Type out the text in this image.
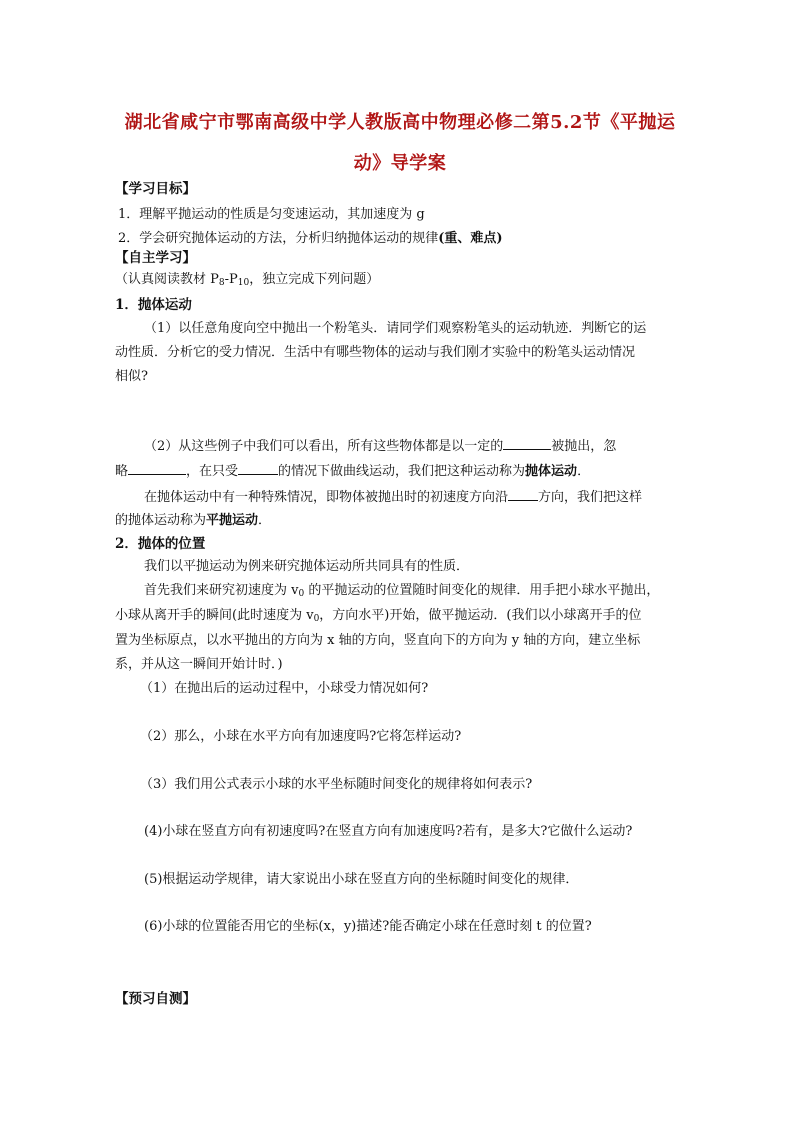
湖北省咸宁市鄂南高级中学人教版高中物理必修二第5.2节《平抛运
动》导学案
【学习目标】
1．理解平抛运动的性质是匀变速运动，其加速度为 g
2．学会研究抛体运动的方法，分析归纳抛体运动的规律(重、难点)
【自主学习】
（认真阅读教材 $P_8-P_{10}$，独立完成下列问题）
1．抛体运动
（1）以任意角度向空中抛出一个粉笔头．请同学们观察粉笔头的运动轨迹．判断它的运
动性质．分析它的受力情况．生活中有哪些物体的运动与我们刚才实验中的粉笔头运动情况
相似?
（2）从这些例子中我们可以看出，所有这些物体都是以一定的	被抛出，忽
略	，在只受	的情况下做曲线运动，我们把这种运动称为抛体运动．
在抛体运动中有一种特殊情况，即物体被抛出时的初速度方向沿 方向，我们把这样
的抛体运动称为平抛运动．
2．抛体的位置
我们以平抛运动为例来研究抛体运动所共同具有的性质．
首先我们来研究初速度为 $v_0$ 的平抛运动的位置随时间变化的规律．用手把小球水平抛出，
小球从离开手的瞬间(此时速度为 $v_0$，方向水平)开始，做平抛运动．(我们以小球离开手的位
置为坐标原点，以水平抛出的方向为 x 轴的方向，竖直向下的方向为 y 轴的方向，建立坐标
系，并从这一瞬间开始计时．)
（1）在抛出后的运动过程中，小球受力情况如何?
（2）那么，小球在水平方向有加速度吗?它将怎样运动?
（3）我们用公式表示小球的水平坐标随时间变化的规律将如何表示?
(4)小球在竖直方向有初速度吗?在竖直方向有加速度吗?若有，是多大?它做什么运动?
(5)根据运动学规律，请大家说出小球在竖直方向的坐标随时间变化的规律．
(6)小球的位置能否用它的坐标(x，y)描述?能否确定小球在任意时刻 t 的位置?
【预习自测】
